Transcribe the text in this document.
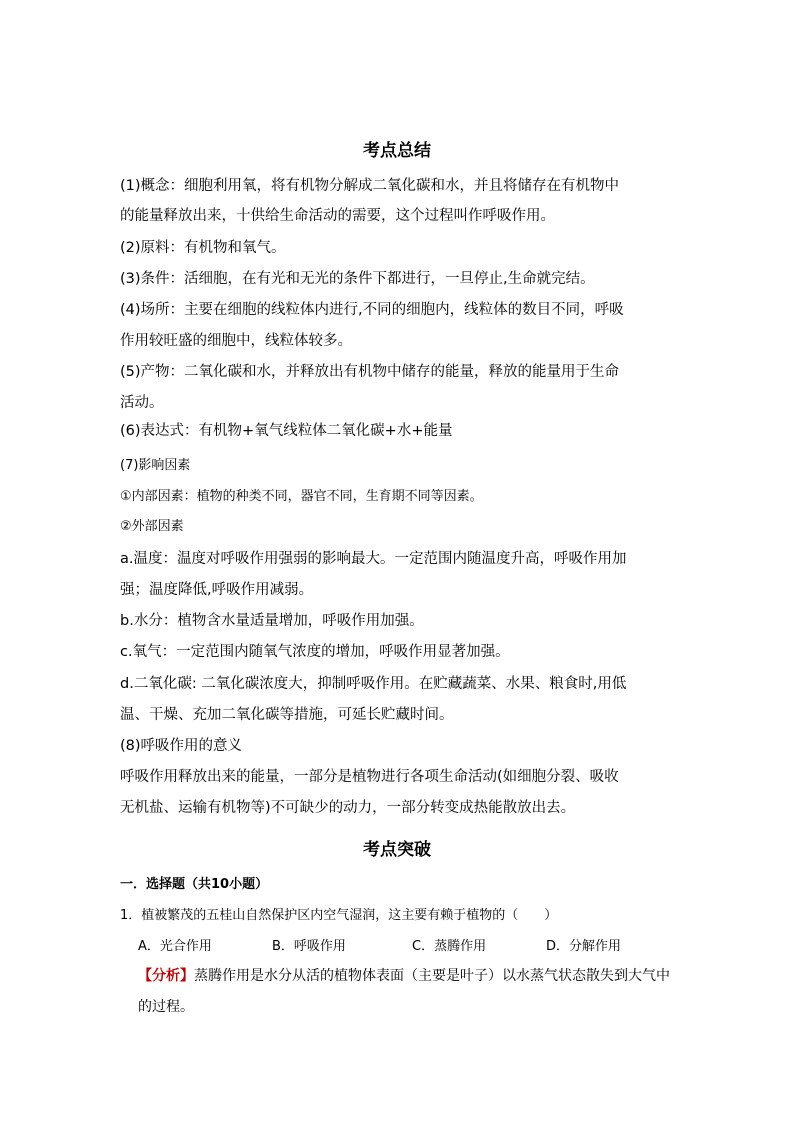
考点总结
(1)概念：细胞利用氧，将有机物分解成二氧化碳和水，并且将储存在有机物中
的能量释放出来，十供给生命活动的需要，这个过程叫作呼吸作用。
(2)原料：有机物和氧气。
(3)条件：活细胞，在有光和无光的条件下都进行，一旦停止,生命就完结。
(4)场所：主要在细胞的线粒体内进行,不同的细胞内，线粒体的数目不同，呼吸
作用较旺盛的细胞中，线粒体较多。
(5)产物：二氧化碳和水，并释放出有机物中储存的能量，释放的能量用于生命
活动。
(6)表达式：有机物+氧气线粒体二氧化碳+水+能量
(7)影响因素
①内部因素：植物的种类不同，器官不同，生育期不同等因素。
②外部因素
a.温度：温度对呼吸作用强弱的影响最大。一定范围内随温度升高，呼吸作用加
强；温度降低,呼吸作用减弱。
b.水分：植物含水量适量增加，呼吸作用加强。
c.氧气：一定范围内随氧气浓度的增加，呼吸作用显著加强。
d.二氧化碳: 二氧化碳浓度大，抑制呼吸作用。在贮藏蔬菜、水果、粮食时,用低
温、干燥、充加二氧化碳等措施，可延长贮藏时间。
(8)呼吸作用的意义
呼吸作用释放出来的能量，一部分是植物进行各项生命活动(如细胞分裂、吸收
无机盐、运输有机物等)不可缺少的动力，一部分转变成热能散放出去。
考点突破
一．选择题（共10小题）
1．植被繁茂的五桂山自然保护区内空气湿润，这主要有赖于植物的（　　）
A．光合作用	B．呼吸作用	C．蒸腾作用	D．分解作用
【分析】蒸腾作用是水分从活的植物体表面（主要是叶子）以水蒸气状态散失到大气中
的过程。
